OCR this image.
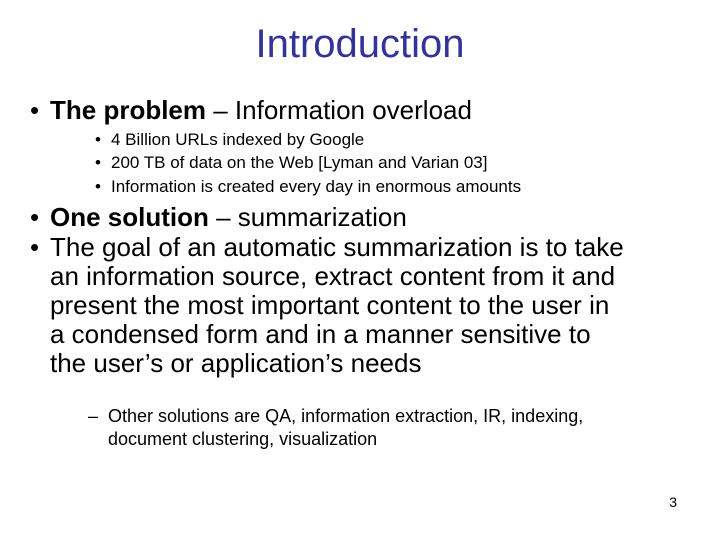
Introduction
• The problem – Information overload
• 4 Billion URLs indexed by Google
• 200 TB of data on the Web [Lyman and Varian 03]
• Information is created every day in enormous amounts
• One solution – summarization
• The goal of an automatic summarization is to take an information source, extract content from it and present the most important content to the user in a condensed form and in a manner sensitive to the user’s or application’s needs
– Other solutions are QA, information extraction, IR, indexing, document clustering, visualization
3
